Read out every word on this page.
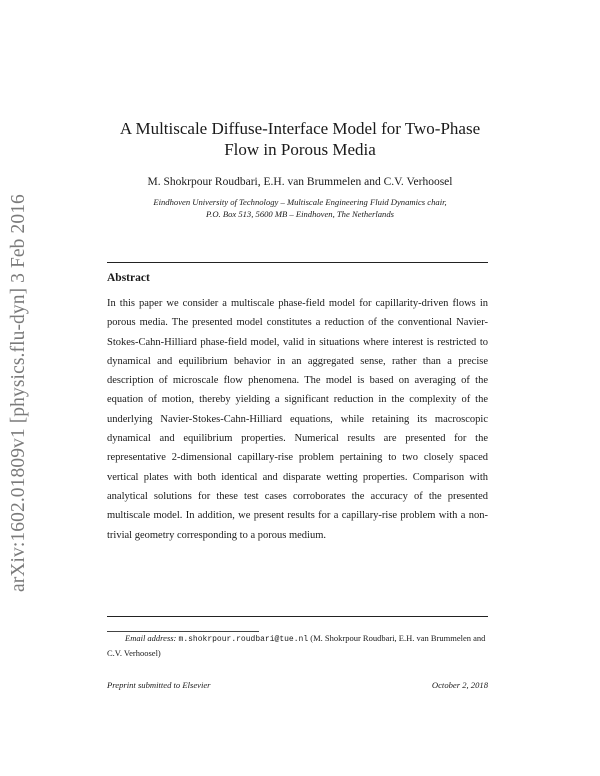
arXiv:1602.01809v1 [physics.flu-dyn] 3 Feb 2016
A Multiscale Diffuse-Interface Model for Two-Phase
Flow in Porous Media
M. Shokrpour Roudbari, E.H. van Brummelen and C.V. Verhoosel
Eindhoven University of Technology – Multiscale Engineering Fluid Dynamics chair,
P.O. Box 513, 5600 MB – Eindhoven, The Netherlands
Abstract
In this paper we consider a multiscale phase-field model for capillarity-driven flows in porous media. The presented model constitutes a reduction of the conventional Navier-Stokes-Cahn-Hilliard phase-field model, valid in situations where interest is restricted to dynamical and equilibrium behavior in an aggregated sense, rather than a precise description of microscale flow phenomena. The model is based on averaging of the equation of motion, thereby yielding a significant reduction in the complexity of the underlying Navier-Stokes-Cahn-Hilliard equations, while retaining its macroscopic dynamical and equilibrium properties. Numerical results are presented for the representative 2-dimensional capillary-rise problem pertaining to two closely spaced vertical plates with both identical and disparate wetting properties. Comparison with analytical solutions for these test cases corroborates the accuracy of the presented multiscale model. In addition, we present results for a capillary-rise problem with a non-trivial geometry corresponding to a porous medium.
Email address: m.shokrpour.roudbari@tue.nl (M. Shokrpour Roudbari, E.H. van Brummelen and C.V. Verhoosel)
Preprint submitted to Elsevier	October 2, 2018
